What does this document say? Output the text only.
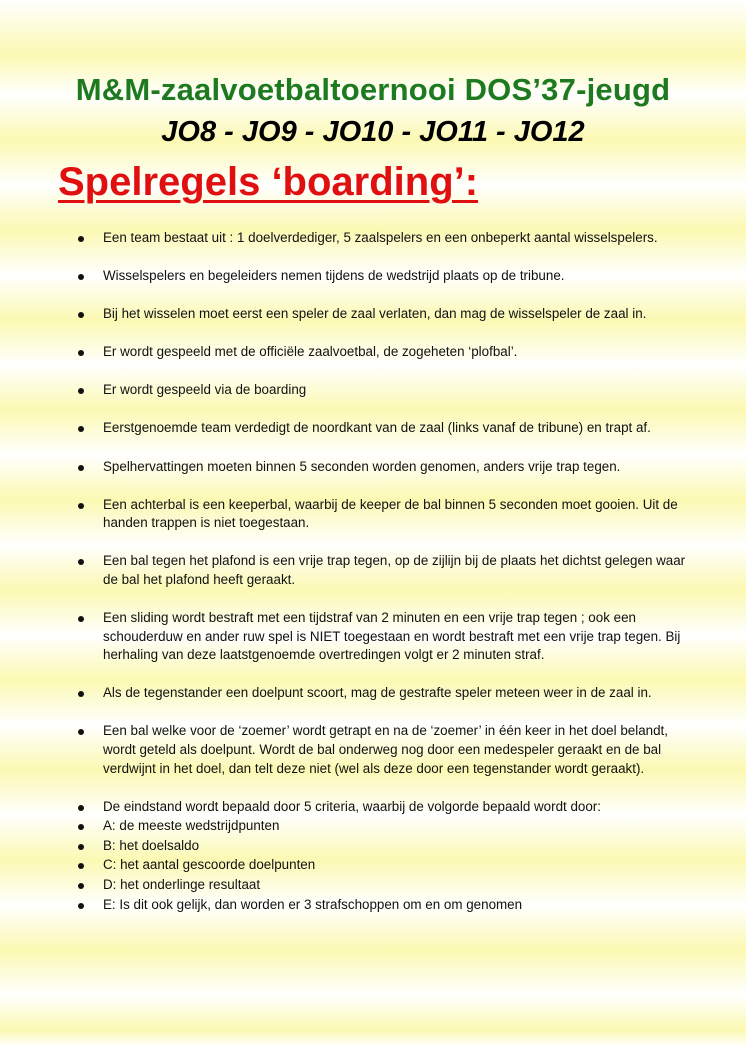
M&M-zaalvoetbaltoernooi DOS’37-jeugd
JO8 - JO9 - JO10 - JO11 - JO12
Spelregels ‘boarding’:
Een team bestaat uit : 1 doelverdediger, 5 zaalspelers en een onbeperkt aantal wisselspelers.
Wisselspelers en begeleiders nemen tijdens de wedstrijd plaats op de tribune.
Bij het wisselen moet eerst een speler de zaal verlaten, dan mag de wisselspeler de zaal in.
Er wordt gespeeld met de officiële zaalvoetbal, de zogeheten ‘plofbal’.
Er wordt gespeeld via de boarding
Eerstgenoemde team verdedigt de noordkant van de zaal (links vanaf de tribune) en trapt af.
Spelhervattingen moeten binnen 5 seconden worden genomen, anders vrije trap tegen.
Een achterbal is een keeperbal, waarbij de keeper de bal binnen 5 seconden moet gooien. Uit de handen trappen is niet toegestaan.
Een bal tegen het plafond is een vrije trap tegen, op de zijlijn bij de plaats het dichtst gelegen waar de bal het plafond heeft geraakt.
Een sliding wordt bestraft met een tijdstraf van 2 minuten en een vrije trap tegen ; ook een schouderduw en ander ruw spel is NIET toegestaan en wordt bestraft met een vrije trap tegen. Bij herhaling van deze laatstgenoemde overtredingen volgt er 2 minuten straf.
Als de tegenstander een doelpunt scoort, mag de gestrafte speler meteen weer in de zaal in.
Een bal welke voor de ‘zoemer’ wordt getrapt en na de ‘zoemer’ in één keer in het doel belandt, wordt geteld als doelpunt. Wordt de bal onderweg nog door een medespeler geraakt en de bal verdwijnt in het doel, dan telt deze niet (wel als deze door een tegenstander wordt geraakt).
De eindstand wordt bepaald door 5 criteria, waarbij de volgorde bepaald wordt door:
A: de meeste wedstrijdpunten
B: het doelsaldo
C: het aantal gescoorde doelpunten
D: het onderlinge resultaat
E: Is dit ook gelijk, dan worden er 3 strafschoppen om en om genomen
